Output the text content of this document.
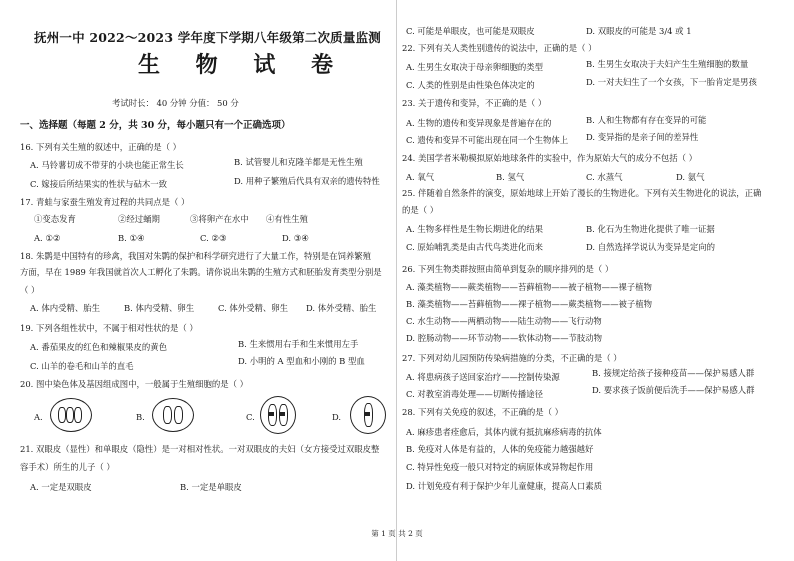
抚州一中 2022～2023 学年度下学期八年级第二次质量监测
生 物 试 卷
考试时长： 40 分钟 分值： 50 分
一、选择题（每题 2 分，共 30 分，每小题只有一个正确选项）
16. 下列有关生殖的叙述中，正确的是（ ）
A. 马铃薯切成不带芽的小块也能正常生长	B. 试管婴儿和克隆羊都是无性生殖
C. 嫁接后所结果实的性状与砧木一致	D. 用种子繁殖后代具有双亲的遗传特性
17. 青蛙与家蚕生殖发育过程的共同点是（ ）
①变态发育	②经过蛹期	③将卵产在水中 ④有性生殖
A. ①②	B. ①④	C. ②③	D. ③④
18. 朱鹮是中国特有的珍禽，我国对朱鹮的保护和科学研究进行了大量工作，特别是在饲养繁殖
方面，早在 1989 年我国就首次人工孵化了朱鹮。请你说出朱鹮的生殖方式和胚胎发育类型分别是
（ ）
A. 体内受精、胎生	B. 体内受精、卵生	C. 体外受精、卵生 D. 体外受精、胎生
19. 下列各组性状中，不属于相对性状的是（ ）
A. 番茄果皮的红色和辣椒果皮的黄色	B. 生来惯用右手和生来惯用左手
C. 山羊的卷毛和山羊的直毛	D. 小明的 A 型血和小刚的 B 型血
20. 图中染色体及基因组成图中，一般属于生殖细胞的是（ ）
A.	B.	C.	D.
21. 双眼皮（显性）和单眼皮（隐性）是一对相对性状。一对双眼皮的夫妇（女方接受过双眼皮整
容手术）所生的儿子（ ）
A. 一定是双眼皮	B. 一定是单眼皮
C. 可能是单眼皮，也可能是双眼皮	D. 双眼皮的可能是 3/4 或 1
22. 下列有关人类性别遗传的说法中，正确的是（ ）
A. 生男生女取决于母亲卵细胞的类型	B. 生男生女取决于夫妇产生生殖细胞的数量
C. 人类的性别是由性染色体决定的	D. 一对夫妇生了一个女孩，下一胎肯定是男孩
23. 关于遗传和变异，不正确的是（ ）
A. 生物的遗传和变异现象是普遍存在的	B. 人和生物都有存在变异的可能
C. 遗传和变异不可能出现在同一个生物体上 D. 变异指的是亲子间的差异性
24. 美国学者米勒模拟原始地球条件的实验中，作为原始大气的成分不包括（ ）
A. 氧气	B. 氢气	C. 水蒸气	D. 氨气
25. 伴随着自然条件的演变，原始地球上开始了漫长的生物进化。下列有关生物进化的说法，正确
的是（ ）
A. 生物多样性是生物长期进化的结果	B. 化石为生物进化提供了唯一证据
C. 原始哺乳类是由古代鸟类进化而来	D. 自然选择学说认为变异是定向的
26. 下列生物类群按照由简单到复杂的顺序排列的是（ ）
A. 藻类植物——蕨类植物——苔藓植物——被子植物——裸子植物
B. 藻类植物——苔藓植物——裸子植物——蕨类植物——被子植物
C. 水生动物——两栖动物——陆生动物——飞行动物
D. 腔肠动物——环节动物——软体动物——节肢动物
27. 下列对幼儿园预防传染病措施的分类，不正确的是（ ）
A. 将患病孩子送回家治疗——控制传染源	B. 接规定给孩子接种疫苗——保护易感人群
C. 对教室消毒处理——切断传播途径	D. 要求孩子饭前便后洗手——保护易感人群
28. 下列有关免疫的叙述，不正确的是（ ）
A. 麻疹患者痊愈后，其体内就有抵抗麻疹病毒的抗体
B. 免疫对人体是有益的，人体的免疫能力越强越好
C. 特异性免疫一般只对特定的病原体或异物起作用
D. 计划免疫有利于保护少年儿童健康，提高人口素质
第 1 页 共 2 页
